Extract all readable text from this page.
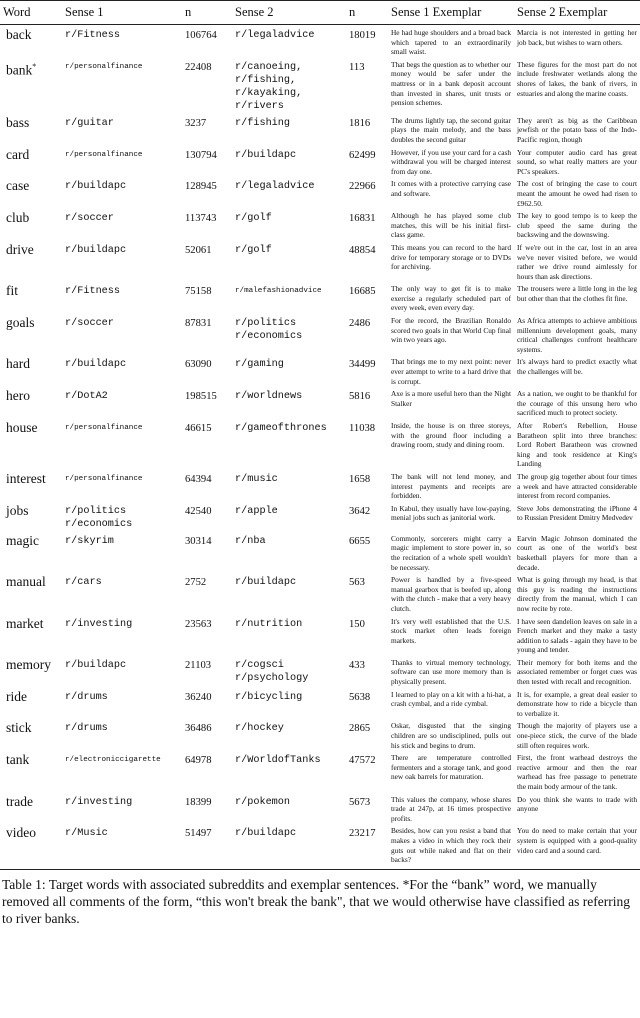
Word	Sense 1	n	Sense 2	n	Sense 1 Exemplar	Sense 2 Exemplar
back	r/Fitness	106764	r/legaladvice	18019	He had huge shoulders and a broad back which tapered to an extraordinarily small waist.	Marcia is not interested in getting her job back, but wishes to warn others.
bank*	r/personalfinance	22408	r/canoeing,
r/fishing,
r/kayaking,
r/rivers	113	That begs the question as to whether our money would be safer under the mattress or in a bank deposit account than invested in shares, unit trusts or pension schemes.	These figures for the most part do not include freshwater wetlands along the shores of lakes, the bank of rivers, in estuaries and along the marine coasts.
bass	r/guitar	3237	r/fishing	1816	The drums lightly tap, the second guitar plays the main melody, and the bass doubles the second guitar	They aren't as big as the Caribbean jewfish or the potato bass of the Indo-Pacific region, though
card	r/personalfinance	130794	r/buildapc	62499	However, if you use your card for a cash withdrawal you will be charged interest from day one.	Your computer audio card has great sound, so what really matters are your PC's speakers.
case	r/buildapc	128945	r/legaladvice	22966	It comes with a protective carrying case and software.	The cost of bringing the case to court meant the amount he owed had risen to £962.50.
club	r/soccer	113743	r/golf	16831	Although he has played some club matches, this will be his initial first-class game.	The key to good tempo is to keep the club speed the same during the backswing and the downswing.
drive	r/buildapc	52061	r/golf	48854	This means you can record to the hard drive for temporary storage or to DVDs for archiving.	If we're out in the car, lost in an area we've never visited before, we would rather we drive round aimlessly for hours than ask directions.
fit	r/Fitness	75158	r/malefashionadvice	16685	The only way to get fit is to make exercise a regularly scheduled part of every week, even every day.	The trousers were a little long in the leg but other than that the clothes fit fine.
goals	r/soccer	87831	r/politics
r/economics	2486	For the record, the Brazilian Ronaldo scored two goals in that World Cup final win two years ago.	As Africa attempts to achieve ambitious millennium development goals, many critical challenges confront healthcare systems.
hard	r/buildapc	63090	r/gaming	34499	That brings me to my next point: never ever attempt to write to a hard drive that is corrupt.	It's always hard to predict exactly what the challenges will be.
hero	r/DotA2	198515	r/worldnews	5816	Axe is a more useful hero than the Night Stalker	As a nation, we ought to be thankful for the courage of this unsung hero who sacrificed much to protect society.
house	r/personalfinance	46615	r/gameofthrones	11038	Inside, the house is on three storeys, with the ground floor including a drawing room, study and dining room.	After Robert's Rebellion, House Baratheon split into three branches: Lord Robert Baratheon was crowned king and took residence at King's Landing
interest	r/personalfinance	64394	r/music	1658	The bank will not lend money, and interest payments and receipts are forbidden.	The group gig together about four times a week and have attracted considerable interest from record companies.
jobs	r/politics
r/economics	42540	r/apple	3642	In Kabul, they usually have low-paying, menial jobs such as janitorial work.	Steve Jobs demonstrating the iPhone 4 to Russian President Dmitry Medvedev
magic	r/skyrim	30314	r/nba	6655	Commonly, sorcerers might carry a magic implement to store power in, so the recitation of a whole spell wouldn't be necessary.	Earvin Magic Johnson dominated the court as one of the world's best basketball players for more than a decade.
manual	r/cars	2752	r/buildapc	563	Power is handled by a five-speed manual gearbox that is beefed up, along with the clutch - make that a very heavy clutch.	What is going through my head, is that this guy is reading the instructions directly from the manual, which I can now recite by rote.
market	r/investing	23563	r/nutrition	150	It's very well established that the U.S. stock market often leads foreign markets.	I have seen dandelion leaves on sale in a French market and they make a tasty addition to salads - again they have to be young and tender.
memory	r/buildapc	21103	r/cogsci
r/psychology	433	Thanks to virtual memory technology, software can use more memory than is physically present.	Their memory for both items and the associated remember or forget cues was then tested with recall and recognition.
ride	r/drums	36240	r/bicycling	5638	I learned to play on a kit with a hi-hat, a crash cymbal, and a ride cymbal.	It is, for example, a great deal easier to demonstrate how to ride a bicycle than to verbalize it.
stick	r/drums	36486	r/hockey	2865	Oskar, disgusted that the singing children are so undisciplined, pulls out his stick and begins to drum.	Though the majority of players use a one-piece stick, the curve of the blade still often requires work.
tank	r/electroniccigarette	64978	r/WorldofTanks	47572	There are temperature controlled fermenters and a storage tank, and good new oak barrels for maturation.	First, the front warhead destroys the reactive armour and then the rear warhead has free passage to penetrate the main body armour of the tank.
trade	r/investing	18399	r/pokemon	5673	This values the company, whose shares trade at 247p, at 16 times prospective profits.	Do you think she wants to trade with anyone
video	r/Music	51497	r/buildapc	23217	Besides, how can you resist a band that makes a video in which they rock their guts out while naked and flat on their backs?	You do need to make certain that your system is equipped with a good-quality video card and a sound card.
Table 1: Target words with associated subreddits and exemplar sentences. *For the “bank” word, we manually removed all comments of the form, “this won't break the bank", that we would otherwise have classified as referring to river banks.
